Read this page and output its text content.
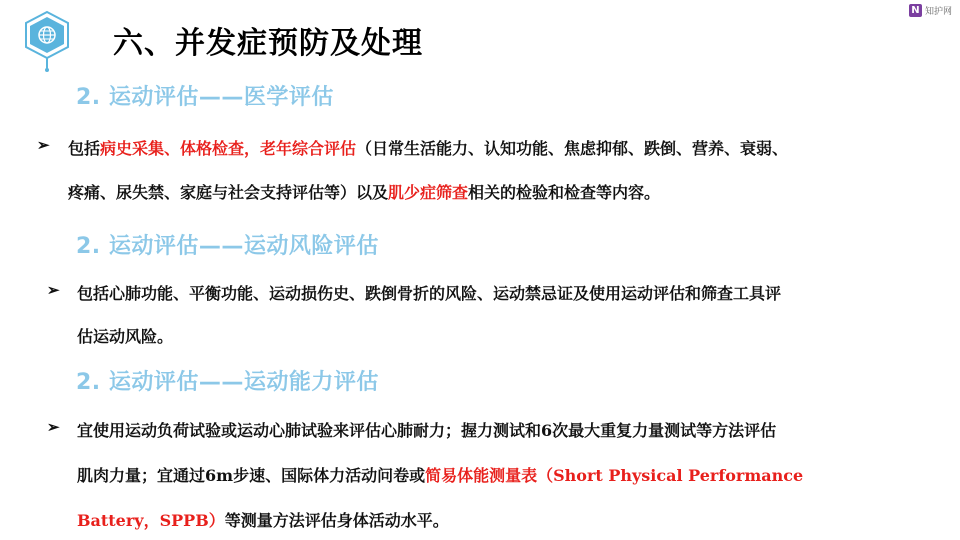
六、并发症预防及处理
N 知护网
2. 运动评估——医学评估
➢ 包括病史采集、体格检查，老年综合评估（日常生活能力、认知功能、焦虑抑郁、跌倒、营养、衰弱、
疼痛、尿失禁、家庭与社会支持评估等）以及肌少症筛查相关的检验和检查等内容。
2. 运动评估——运动风险评估
➢ 包括心肺功能、平衡功能、运动损伤史、跌倒骨折的风险、运动禁忌证及使用运动评估和筛查工具评
估运动风险。
2. 运动评估——运动能力评估
➢ 宜使用运动负荷试验或运动心肺试验来评估心肺耐力；握力测试和6次最大重复力量测试等方法评估
肌肉力量；宜通过6m步速、国际体力活动问卷或简易体能测量表（Short Physical Performance
Battery，SPPB）等测量方法评估身体活动水平。
